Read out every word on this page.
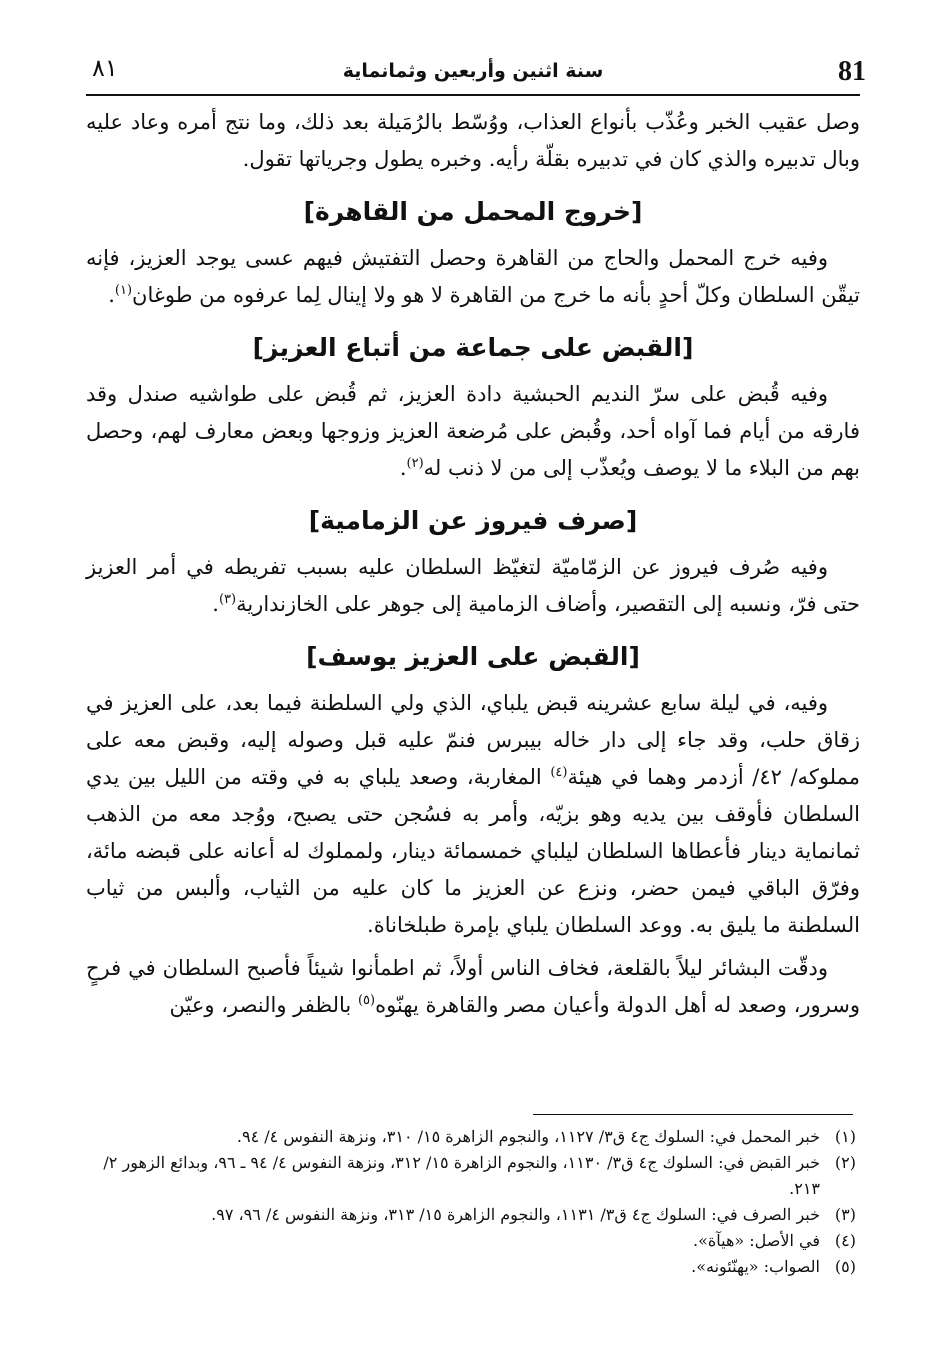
٨١	سنة اثنين وأربعين وثمانماية	81

وصل عقيب الخبر وعُذّب بأنواع العذاب، ووُسّط بالرُمَيلة بعد ذلك، وما نتج أمره وعاد عليه وبال تدبيره والذي كان في تدبيره بقلّة رأيه. وخبره يطول وجرياتها تقول.

[خروج المحمل من القاهرة]

وفيه خرج المحمل والحاج من القاهرة وحصل التفتيش فيهم عسى يوجد العزيز، فإنه تيقّن السلطان وكلّ أحدٍ بأنه ما خرج من القاهرة لا هو ولا إينال لِما عرفوه من طوغان$^{(١)}$.

[القبض على جماعة من أتباع العزيز]

وفيه قُبض على سرّ النديم الحبشية دادة العزيز، ثم قُبض على طواشيه صندل وقد فارقه من أيام فما آواه أحد، وقُبض على مُرضعة العزيز وزوجها وبعض معارف لهم، وحصل بهم من البلاء ما لا يوصف ويُعذّب إلى من لا ذنب له$^{(٢)}$.

[صرف فيروز عن الزمامية]

وفيه صُرف فيروز عن الزمّاميّة لتغيّظ السلطان عليه بسبب تفريطه في أمر العزيز حتى فرّ، ونسبه إلى التقصير، وأضاف الزمامية إلى جوهر على الخازندارية$^{(٣)}$.

[القبض على العزيز يوسف]

وفيه، في ليلة سابع عشرينه قبض يلباي، الذي ولي السلطنة فيما بعد، على العزيز في زقاق حلب، وقد جاء إلى دار خاله بيبرس فنمّ عليه قبل وصوله إليه، وقبض معه على مملوكه/ ٤٢/ أزدمر وهما في هيئة$^{(٤)}$ المغاربة، وصعد يلباي به في وقته من الليل بين يدي السلطان فأوقف بين يديه وهو بزيّه، وأمر به فسُجن حتى يصبح، ووُجد معه من الذهب ثمانماية دينار فأعطاها السلطان ليلباي خمسمائة دينار، ولمملوك له أعانه على قبضه مائة، وفرّق الباقي فيمن حضر، ونزع عن العزيز ما كان عليه من الثياب، وألبس من ثياب السلطنة ما يليق به. ووعد السلطان يلباي بإمرة طبلخاناة.

ودقّت البشائر ليلاً بالقلعة، فخاف الناس أولاً، ثم اطمأنوا شيئاً فأصبح السلطان في فرحٍ وسرور، وصعد له أهل الدولة وأعيان مصر والقاهرة يهنّوه$^{(٥)}$ بالظفر والنصر، وعيّن

(١)
خبر المحمل في: السلوك ج٤ ق٣/ ١١٢٧، والنجوم الزاهرة ١٥/ ٣١٠، ونزهة النفوس ٤/ ٩٤.
(٢)
خبر القبض في: السلوك ج٤ ق٣/ ١١٣٠، والنجوم الزاهرة ١٥/ ٣١٢، ونزهة النفوس ٤/ ٩٤ ـ ٩٦، وبدائع الزهور ٢/ ٢١٣.
(٣)
خبر الصرف في: السلوك ج٤ ق٣/ ١١٣١، والنجوم الزاهرة ١٥/ ٣١٣، ونزهة النفوس ٤/ ٩٦، ٩٧.
(٤)
في الأصل: «هيآة».
(٥)
الصواب: «يهنّئونه».
